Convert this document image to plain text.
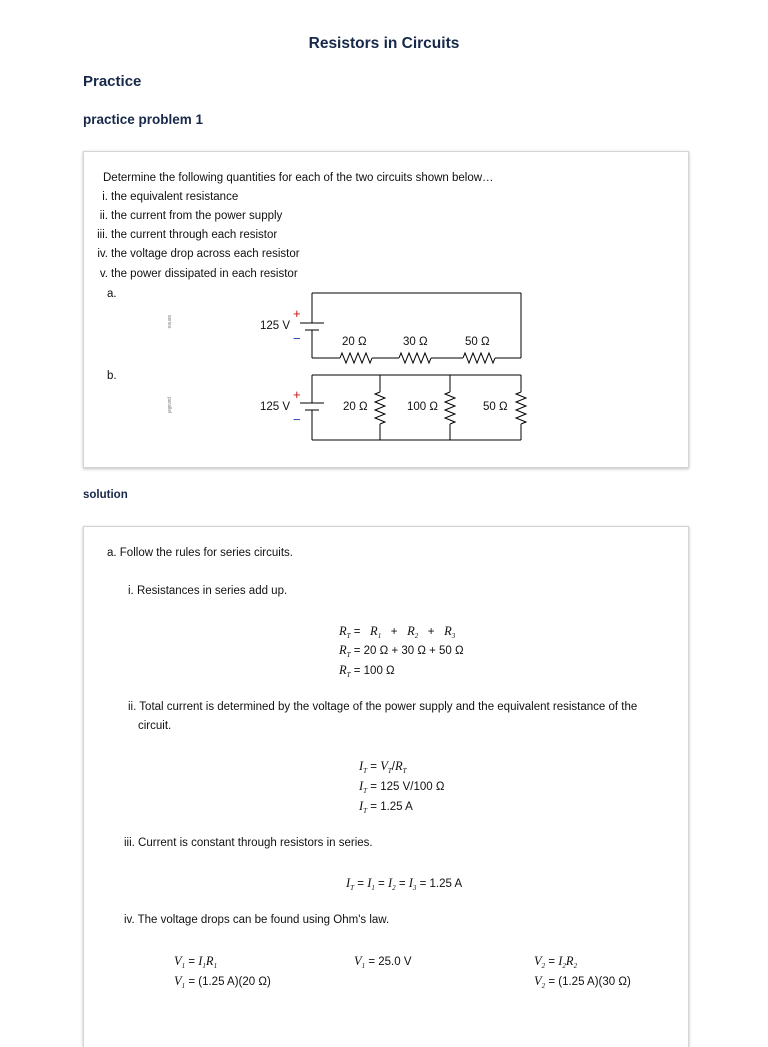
Resistors in Circuits
Practice
practice problem 1
Determine the following quantities for each of the two circuits shown below…
i. the equivalent resistance
ii. the current from the power supply
iii. the current through each resistor
iv. the voltage drop across each resistor
v. the power dissipated in each resistor
a.
b.
series
parallel
125 V
+
−	20 Ω	30 Ω	50 Ω
125 V
+
−
20 Ω	100 Ω	50 Ω
solution
a. Follow the rules for series circuits.
i. Resistances in series add up.
$R_T = R_1 + R_2 + R_3$
$R_T = 20$ Ω + 30 Ω + 50 Ω
$R_T = 100$ Ω
ii. Total current is determined by the voltage of the power supply and the equivalent resistance of the
circuit.
$I_T = V_T/R_T$
$I_T = 125$ V/100 Ω
$I_T = 1.25$ A
iii. Current is constant through resistors in series.
$I_T = I_1 = I_2 = I_3 = 1.25$ A
iv. The voltage drops can be found using Ohm's law.
$V_1 = I_1R_1$
$V_1 = (1.25$ A)(20 Ω)
$V_1 = 25.0$ V	$V_2 = I_2R_2$
$V_2 = (1.25$ A)(30 Ω)
